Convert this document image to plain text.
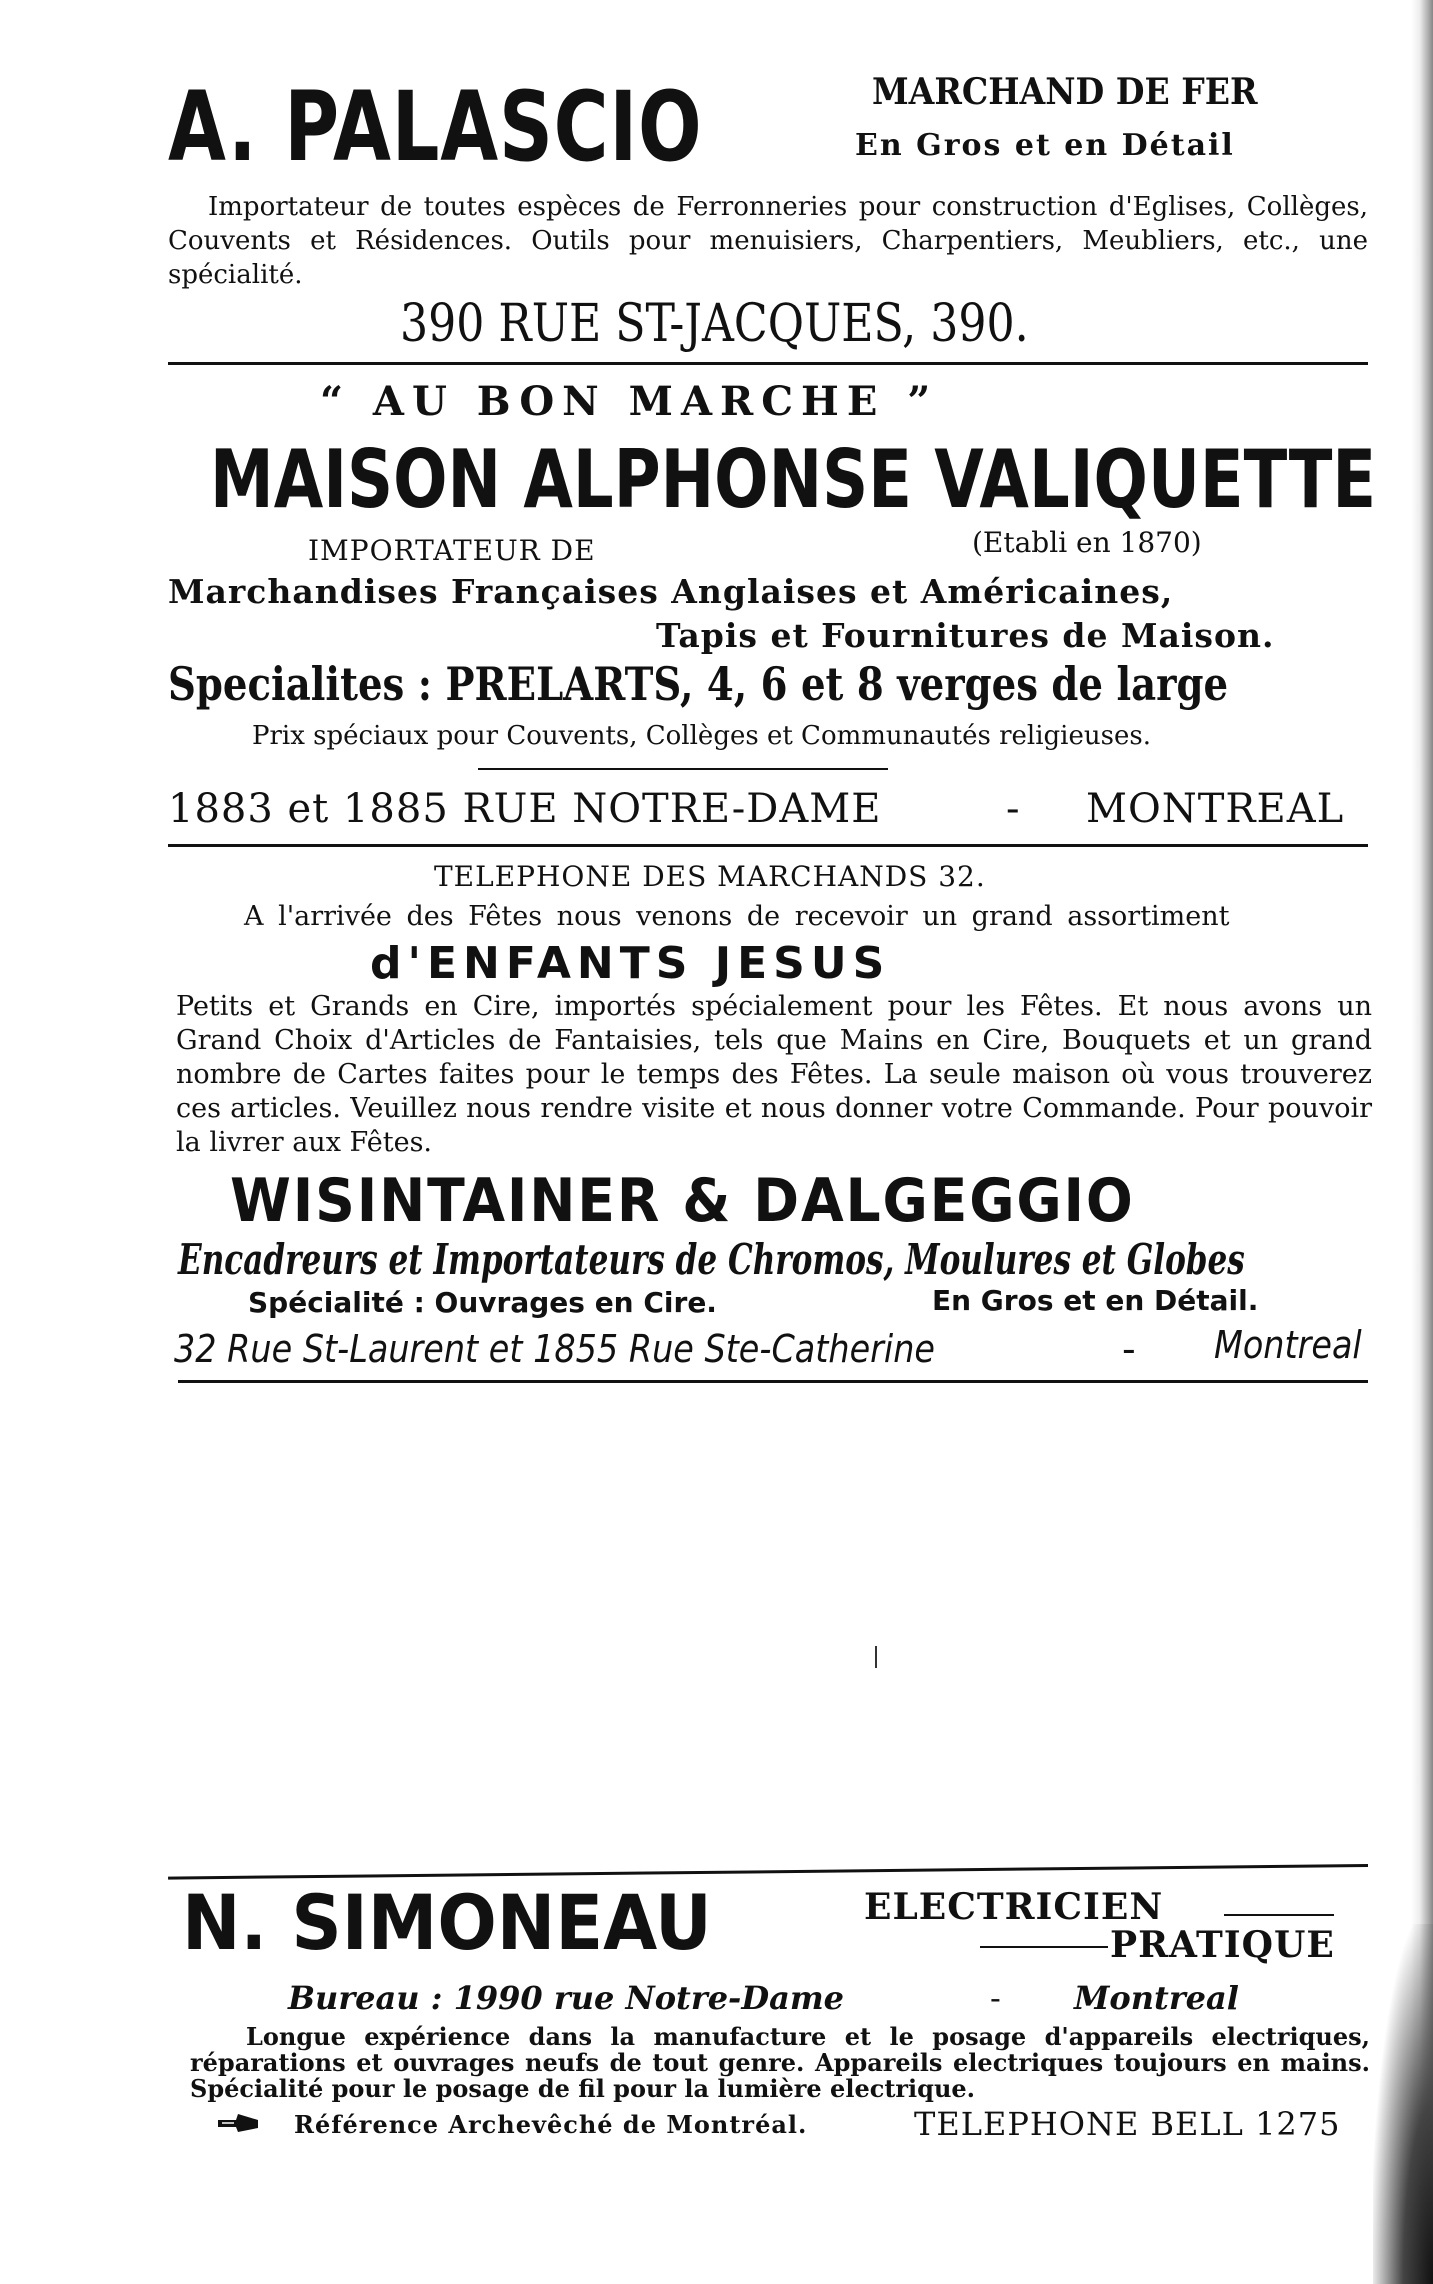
A. PALASCIO	MARCHAND DE FER
En Gros et en Détail
Importateur de toutes espèces de Ferronneries pour construction d'Eglises, Collèges, Couvents et Résidences. Outils pour menuisiers, Charpentiers, Meubliers, etc., une spécialité.
390 RUE ST-JACQUES, 390.
“ AU BON MARCHE ”
MAISON ALPHONSE VALIQUETTE
IMPORTATEUR DE	(Etabli en 1870)
Marchandises Françaises Anglaises et Américaines,
Tapis et Fournitures de Maison.
Specialites : PRELARTS, 4, 6 et 8 verges de large
Prix spéciaux pour Couvents, Collèges et Communautés religieuses.
1883 et 1885 RUE NOTRE-DAME	- MONTREAL
TELEPHONE DES MARCHANDS 32.
A l'arrivée des Fêtes nous venons de recevoir un grand assortiment
d'ENFANTS JESUS
Petits et Grands en Cire, importés spécialement pour les Fêtes. Et nous avons un Grand Choix d'Articles de Fantaisies, tels que Mains en Cire, Bouquets et un grand nombre de Cartes faites pour le temps des Fêtes. La seule maison où vous trouverez ces articles. Veuillez nous rendre visite et nous donner votre Commande. Pour pouvoir la livrer aux Fêtes.
WISINTAINER & DALGEGGIO
Encadreurs et Importateurs de Chromos, Moulures et Globes
Spécialité : Ouvrages en Cire.	En Gros et en Détail.
32 Rue St-Laurent et 1855 Rue Ste-Catherine	- Montreal
N. SIMONEAU	ELECTRICIEN
PRATIQUE
Bureau : 1990 rue Notre-Dame	- Montreal
Longue expérience dans la manufacture et le posage d'appareils electriques, réparations et ouvrages neufs de tout genre. Appareils electriques toujours en mains. Spécialité pour le posage de fil pour la lumière electrique.
Référence Archevêché de Montréal.	TELEPHONE BELL 1275
